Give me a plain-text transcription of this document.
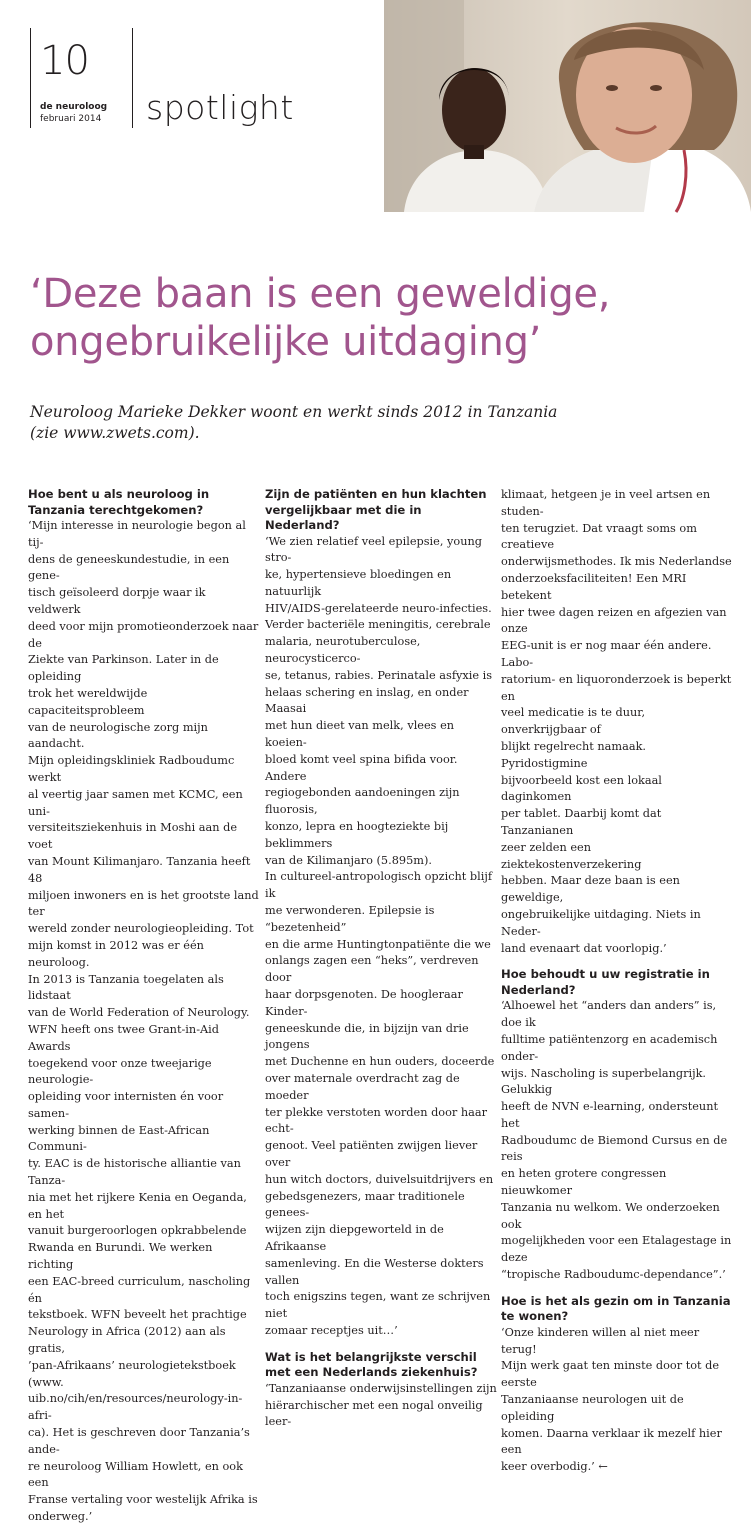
10
de neuroloog
februari 2014 spotlight
‘Deze baan is een geweldige,
ongebruikelijke uitdaging’

Neuroloog Marieke Dekker woont en werkt sinds 2012 in Tanzania
(zie www.zwets.com).

Hoe bent u als neuroloog in Tanzania terechtgekomen?

‘Mijn interesse in neurologie begon al tij-
dens de geneeskundestudie, in een gene-
tisch geïsoleerd dorpje waar ik veldwerk
deed voor mijn promotieonderzoek naar de
Ziekte van Parkinson. Later in de opleiding
trok het wereldwijde capaciteitsprobleem
van de neurologische zorg mijn aandacht.
Mijn opleidingskliniek Radboudumc werkt
al veertig jaar samen met KCMC, een uni-
versiteitsziekenhuis in Moshi aan de voet
van Mount Kilimanjaro. Tanzania heeft 48
miljoen inwoners en is het grootste land ter
wereld zonder neurologieopleiding. Tot
mijn komst in 2012 was er één neuroloog.
In 2013 is Tanzania toegelaten als lidstaat
van de World Federation of Neurology.
WFN heeft ons twee Grant-in-Aid Awards
toegekend voor onze tweejarige neurologie-
opleiding voor internisten én voor samen-
werking binnen de East-African Communi-
ty. EAC is de historische alliantie van Tanza-
nia met het rijkere Kenia en Oeganda, en het
vanuit burgeroorlogen opkrabbelende
Rwanda en Burundi. We werken richting
een EAC-breed curriculum, nascholing én
tekstboek. WFN beveelt het prachtige
Neurology in Africa (2012) aan als gratis,
’pan-Afrikaans’ neurologietekstboek (www.
uib.no/cih/en/resources/neurology-in-afri-
ca). Het is geschreven door Tanzania’s ande-
re neuroloog William Howlett, en ook een
Franse vertaling voor westelijk Afrika is
onderweg.’

Zijn de patiënten en hun klachten vergelijkbaar met die in Nederland?

‘We zien relatief veel epilepsie, young stro-
ke, hypertensieve bloedingen en natuurlijk
HIV/AIDS-gerelateerde neuro-infecties.
Verder bacteriële meningitis, cerebrale
malaria, neurotuberculose, neurocysticerco-
se, tetanus, rabies. Perinatale asfyxie is
helaas schering en inslag, en onder Maasai
met hun dieet van melk, vlees en koeien-
bloed komt veel spina bifida voor. Andere
regiogebonden aandoeningen zijn fluorosis,
konzo, lepra en hoogteziekte bij beklimmers
van de Kilimanjaro (5.895m).
In cultureel-antropologisch opzicht blijf ik
me verwonderen. Epilepsie is “bezetenheid”
en die arme Huntingtonpatiënte die we
onlangs zagen een “heks”, verdreven door
haar dorpsgenoten. De hoogleraar Kinder-
geneeskunde die, in bijzijn van drie jongens
met Duchenne en hun ouders, doceerde
over maternale overdracht zag de moeder
ter plekke verstoten worden door haar echt-
genoot. Veel patiënten zwijgen liever over
hun witch doctors, duivelsuitdrijvers en
gebedsgenezers, maar traditionele genees-
wijzen zijn diepgeworteld in de Afrikaanse
samenleving. En die Westerse dokters vallen
toch enigszins tegen, want ze schrijven niet
zomaar receptjes uit…’

Wat is het belangrijkste verschil met een Nederlands ziekenhuis?

‘Tanzaniaanse onderwijsinstellingen zijn
hiërarchischer met een nogal onveilig leer-

klimaat, hetgeen je in veel artsen en studen-
ten terugziet. Dat vraagt soms om creatieve
onderwijsmethodes. Ik mis Nederlandse
onderzoeksfaciliteiten! Een MRI betekent
hier twee dagen reizen en afgezien van onze
EEG-unit is er nog maar één andere. Labo-
ratorium- en liquoronderzoek is beperkt en
veel medicatie is te duur, onverkrijgbaar of
blijkt regelrecht namaak. Pyridostigmine
bijvoorbeeld kost een lokaal daginkomen
per tablet. Daarbij komt dat Tanzanianen
zeer zelden een ziektekostenverzekering
hebben. Maar deze baan is een geweldige,
ongebruikelijke uitdaging. Niets in Neder-
land evenaart dat voorlopig.’

Hoe behoudt u uw registratie in Nederland?

‘Alhoewel het “anders dan anders” is, doe ik
fulltime patiëntenzorg en academisch onder-
wijs. Nascholing is superbelangrijk. Gelukkig
heeft de NVN e-learning, ondersteunt het
Radboudumc de Biemond Cursus en de reis
en heten grotere congressen nieuwkomer
Tanzania nu welkom. We onderzoeken ook
mogelijkheden voor een Etalagestage in deze
“tropische Radboudumc-dependance”.’

Hoe is het als gezin om in Tanzania te wonen?

‘Onze kinderen willen al niet meer terug!
Mijn werk gaat ten minste door tot de eerste
Tanzaniaanse neurologen uit de opleiding
komen. Daarna verklaar ik mezelf hier een
keer overbodig.’ ←
